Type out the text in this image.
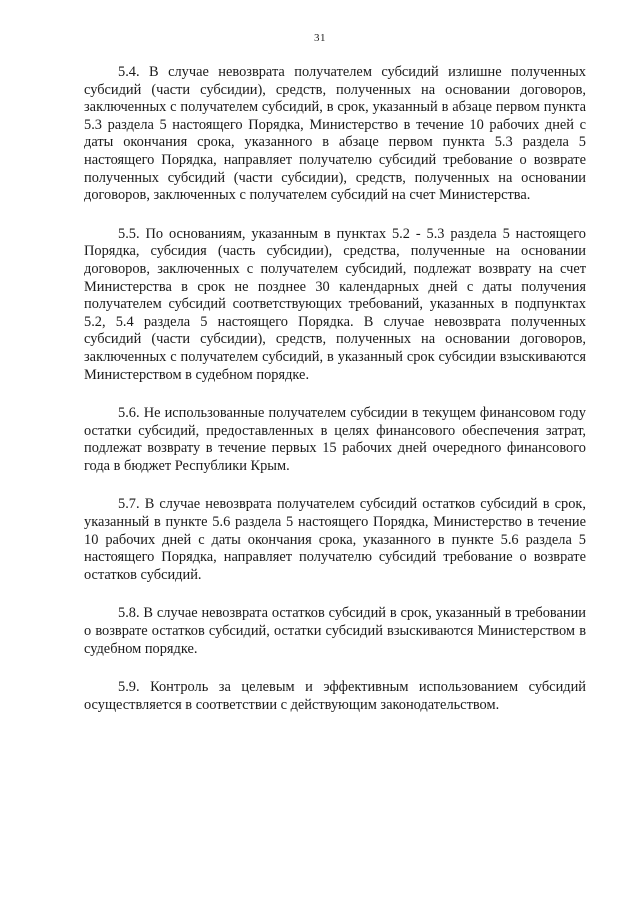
31

5.4. В случае невозврата получателем субсидий излишне полученных субсидий (части субсидии), средств, полученных на основании договоров, заключенных с получателем субсидий, в срок, указанный в абзаце первом пункта 5.3 раздела 5 настоящего Порядка, Министерство в течение 10 рабочих дней с даты окончания срока, указанного в абзаце первом пункта 5.3 раздела 5 настоящего Порядка, направляет получателю субсидий требование о возврате полученных субсидий (части субсидии), средств, полученных на основании договоров, заключенных с получателем субсидий на счет Министерства.

5.5. По основаниям, указанным в пунктах 5.2 - 5.3 раздела 5 настоящего Порядка, субсидия (часть субсидии), средства, полученные на основании договоров, заключенных с получателем субсидий, подлежат возврату на счет Министерства в срок не позднее 30 календарных дней с даты получения получателем субсидий соответствующих требований, указанных в подпунктах 5.2, 5.4 раздела 5 настоящего Порядка. В случае невозврата полученных субсидий (части субсидии), средств, полученных на основании договоров, заключенных с получателем субсидий, в указанный срок субсидии взыскиваются Министерством в судебном порядке.

5.6. Не использованные получателем субсидии в текущем финансовом году остатки субсидий, предоставленных в целях финансового обеспечения затрат, подлежат возврату в течение первых 15 рабочих дней очередного финансового года в бюджет Республики Крым.

5.7. В случае невозврата получателем субсидий остатков субсидий в срок, указанный в пункте 5.6 раздела 5 настоящего Порядка, Министерство в течение 10 рабочих дней с даты окончания срока, указанного в пункте 5.6 раздела 5 настоящего Порядка, направляет получателю субсидий требование о возврате остатков субсидий.

5.8. В случае невозврата остатков субсидий в срок, указанный в требовании о возврате остатков субсидий, остатки субсидий взыскиваются Министерством в судебном порядке.

5.9. Контроль за целевым и эффективным использованием субсидий осуществляется в соответствии с действующим законодательством.
